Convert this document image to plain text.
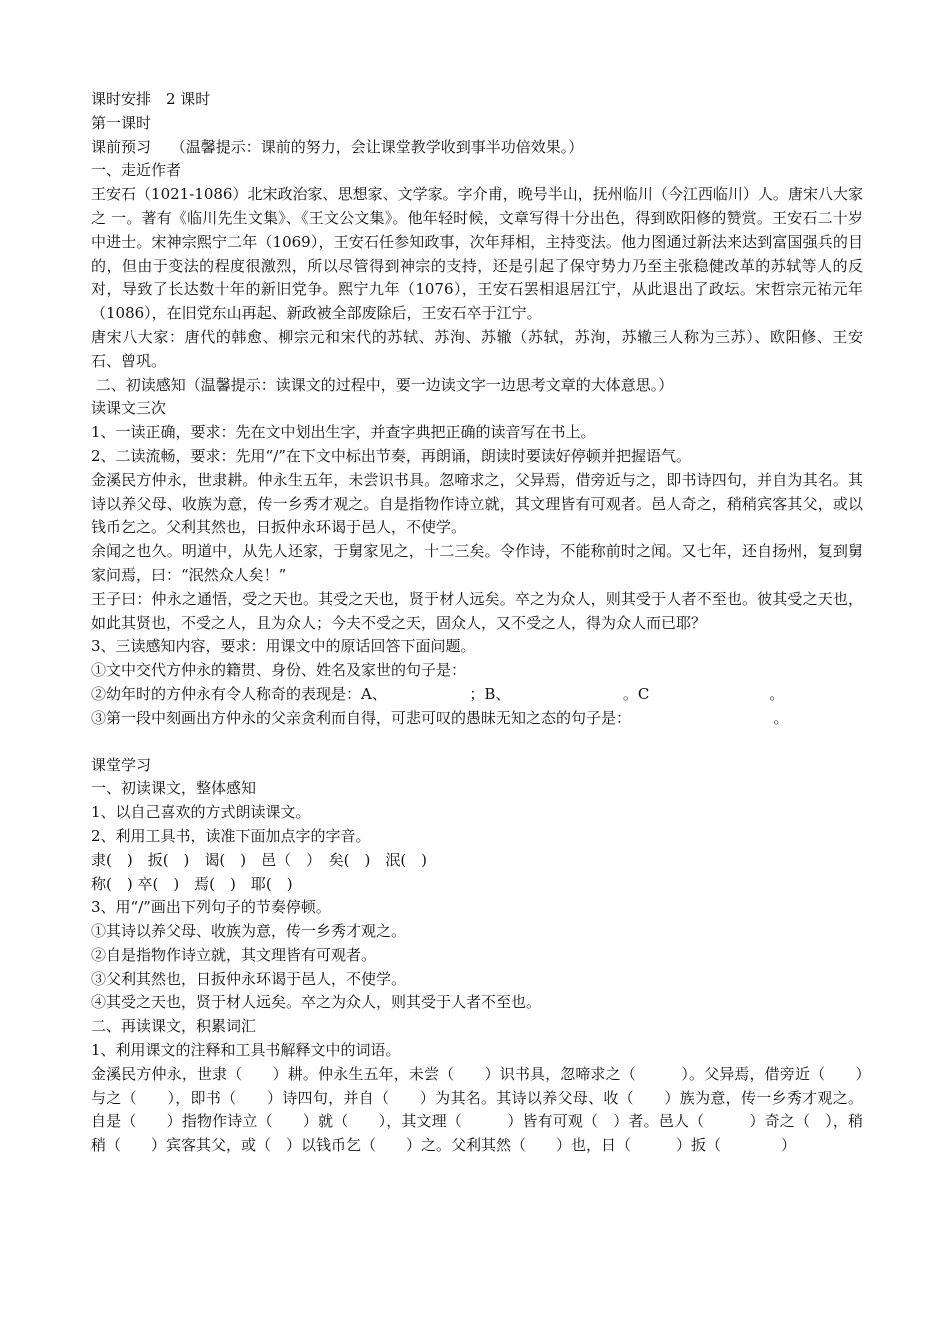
课时安排　2 课时
第一课时
课前预习　 （温馨提示：课前的努力，会让课堂教学收到事半功倍效果。）
一、走近作者
王安石（1021-1086）北宋政治家、思想家、文学家。字介甫，晚号半山，抚州临川（今江西临川）人。唐宋八大家之 一。著有《临川先生文集》、《王文公文集》。他年轻时候，文章写得十分出色，得到欧阳修的赞赏。王安石二十岁中进士。宋神宗熙宁二年（1069），王安石任参知政事，次年拜相，主持变法。他力图通过新法来达到富国强兵的目的，但由于变法的程度很激烈，所以尽管得到神宗的支持，还是引起了保守势力乃至主张稳健改革的苏轼等人的反对，导致了长达数十年的新旧党争。熙宁九年（1076），王安石罢相退居江宁，从此退出了政坛。宋哲宗元祐元年（1086），在旧党东山再起、新政被全部废除后，王安石卒于江宁。
唐宋八大家：唐代的韩愈、柳宗元和宋代的苏轼、苏洵、苏辙（苏轼，苏洵，苏辙三人称为三苏）、欧阳修、王安石、曾巩。
二、初读感知（温馨提示：读课文的过程中，要一边读文字一边思考文章的大体意思。）
读课文三次
1、一读正确，要求：先在文中划出生字，并查字典把正确的读音写在书上。
2、二读流畅，要求：先用“/”在下文中标出节奏，再朗诵，朗读时要读好停顿并把握语气。
金溪民方仲永，世隶耕。仲永生五年，未尝识书具。忽啼求之，父异焉，借旁近与之，即书诗四句，并自为其名。其诗以养父母、收族为意，传一乡秀才观之。自是指物作诗立就，其文理皆有可观者。邑人奇之，稍稍宾客其父，或以钱币乞之。父利其然也，日扳仲永环谒于邑人，不使学。
余闻之也久。明道中，从先人还家，于舅家见之，十二三矣。令作诗，不能称前时之闻。又七年，还自扬州，复到舅家问焉，曰：“泯然众人矣！”
王子曰：仲永之通悟，受之天也。其受之天也，贤于材人远矣。卒之为众人，则其受于人者不至也。彼其受之天也，如此其贤也，不受之人，且为众人；今夫不受之天，固众人，又不受之人，得为众人而已耶？
3、三读感知内容，要求：用课文中的原话回答下面问题。
①文中交代方仲永的籍贯、身份、姓名及家世的句子是：
②幼年时的方仲永有令人称奇的表现是：A、　　　　　　；B、　　　　　　　　。C　　　　　　　　。
③第一段中刻画出方仲永的父亲贪利而自得，可悲可叹的愚昧无知之态的句子是：　　　　　　　　　　。
课堂学习
一、初读课文，整体感知
1、以自己喜欢的方式朗读课文。
2、利用工具书，读准下面加点字的字音。
隶(　)　扳(　)　谒(　)　邑（　）　矣(　)　泯(　)
称(　) 卒(　)　焉(　)　耶(　)
3、用“/”画出下列句子的节奏停顿。
①其诗以养父母、收族为意，传一乡秀才观之。
②自是指物作诗立就，其文理皆有可观者。
③父利其然也，日扳仲永环谒于邑人，不使学。
④其受之天也，贤于材人远矣。卒之为众人，则其受于人者不至也。
二、再读课文，积累词汇
1、利用课文的注释和工具书解释文中的词语。
金溪民方仲永，世隶（　　）耕。仲永生五年，未尝（　　）识书具，忽啼求之（　　　）。父异焉，借旁近（　　）与之（　　），即书（　　）诗四句，并自（　　）为其名。其诗以养父母、收（　　）族为意，传一乡秀才观之。自是（　　）指物作诗立（　　）就（　　），其文理（　　　）皆有可观（　）者。邑人（　　　）奇之（　），稍稍（　　）宾客其父，或（　）以钱币乞（　　）之。父利其然（　　）也，日（　　　）扳（　　　　）
